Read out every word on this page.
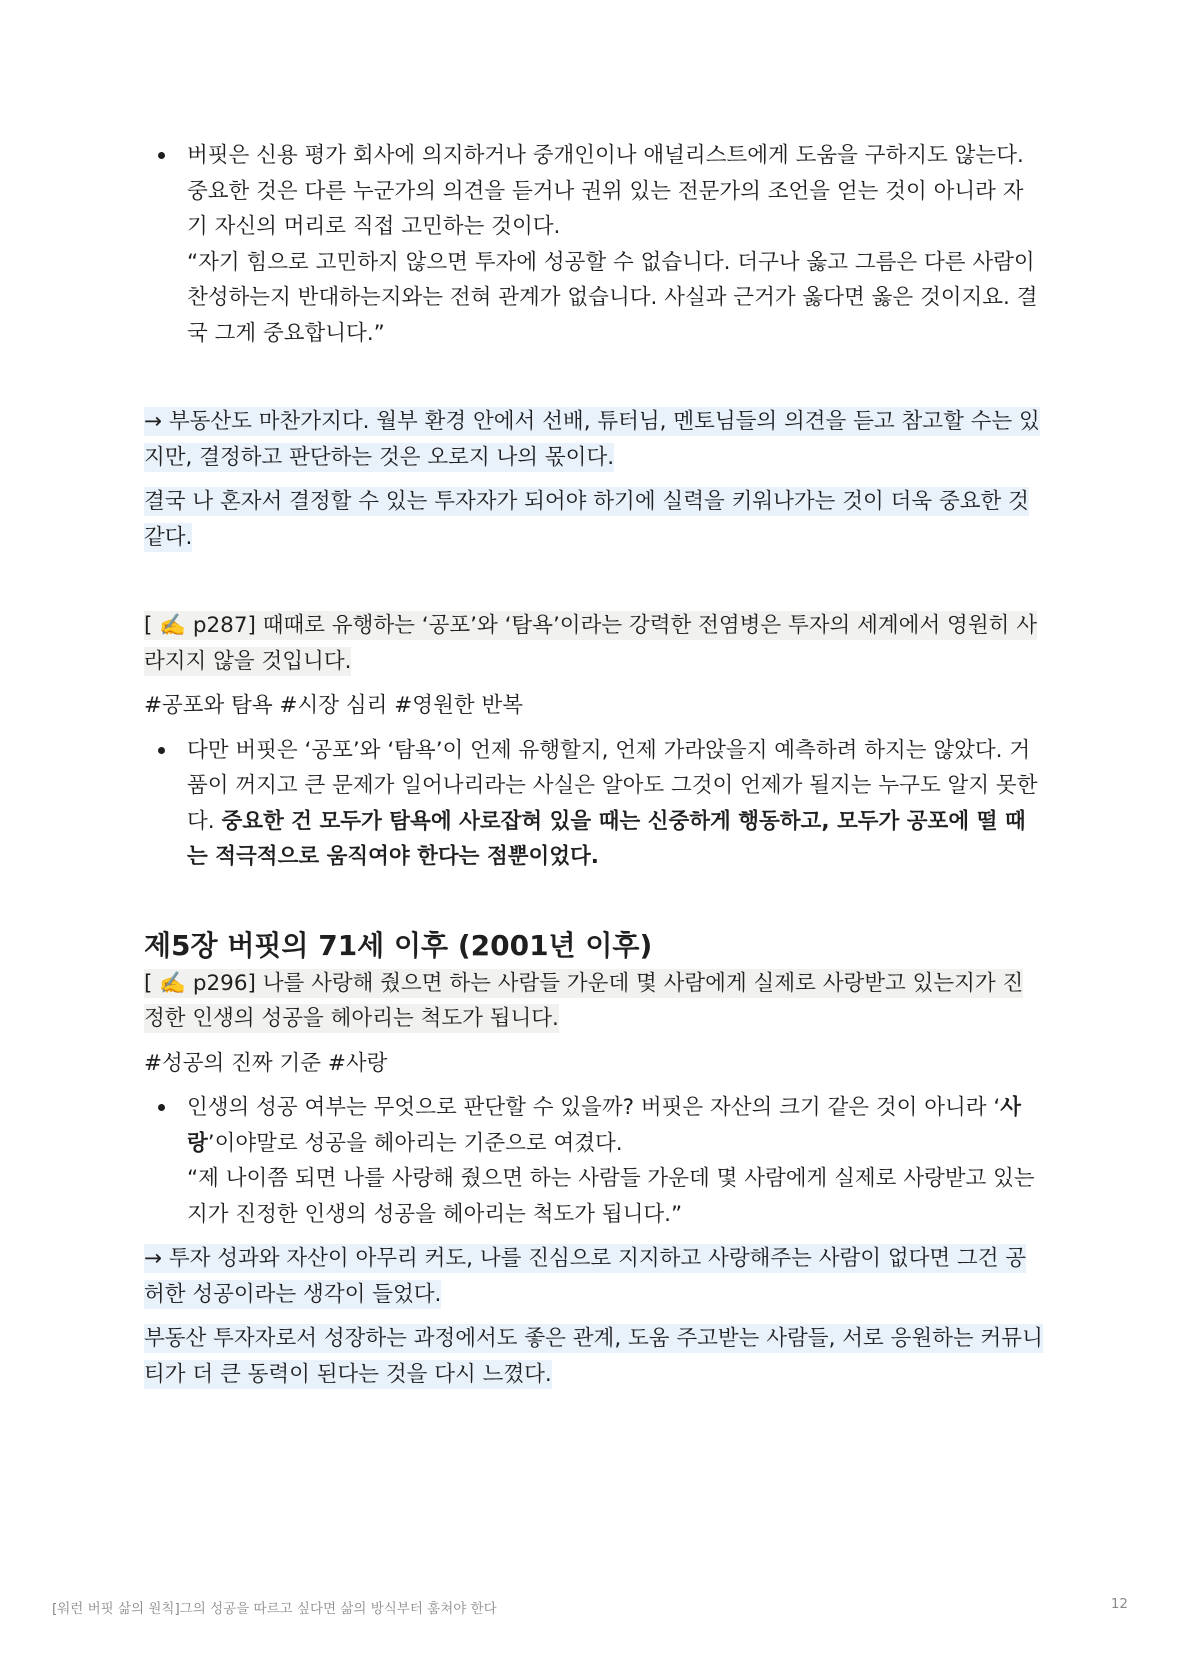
버핏은 신용 평가 회사에 의지하거나 중개인이나 애널리스트에게 도움을 구하지도 않는다. 중요한 것은 다른 누군가의 의견을 듣거나 권위 있는 전문가의 조언을 얻는 것이 아니라 자기 자신의 머리로 직접 고민하는 것이다.

“자기 힘으로 고민하지 않으면 투자에 성공할 수 없습니다. 더구나 옳고 그름은 다른 사람이 찬성하는지 반대하는지와는 전혀 관계가 없습니다. 사실과 근거가 옳다면 옳은 것이지요. 결국 그게 중요합니다.”

→ 부동산도 마찬가지다. 월부 환경 안에서 선배, 튜터님, 멘토님들의 의견을 듣고 참고할 수는 있지만, 결정하고 판단하는 것은 오로지 나의 몫이다.

결국 나 혼자서 결정할 수 있는 투자자가 되어야 하기에 실력을 키워나가는 것이 더욱 중요한 것 같다.

[ ✍️ p287] 때때로 유행하는 ‘공포’와 ‘탐욕’이라는 강력한 전염병은 투자의 세계에서 영원히 사라지지 않을 것입니다.

#공포와 탐욕 #시장 심리 #영원한 반복

다만 버핏은 ‘공포’와 ‘탐욕’이 언제 유행할지, 언제 가라앉을지 예측하려 하지는 않았다. 거품이 꺼지고 큰 문제가 일어나리라는 사실은 알아도 그것이 언제가 될지는 누구도 알지 못한다. 중요한 건 모두가 탐욕에 사로잡혀 있을 때는 신중하게 행동하고, 모두가 공포에 떨 때는 적극적으로 움직여야 한다는 점뿐이었다.

제5장 버핏의 71세 이후 (2001년 이후)

[ ✍️ p296] 나를 사랑해 줬으면 하는 사람들 가운데 몇 사람에게 실제로 사랑받고 있는지가 진정한 인생의 성공을 헤아리는 척도가 됩니다.

#성공의 진짜 기준 #사랑

인생의 성공 여부는 무엇으로 판단할 수 있을까? 버핏은 자산의 크기 같은 것이 아니라 ‘사랑’이야말로 성공을 헤아리는 기준으로 여겼다.

“제 나이쯤 되면 나를 사랑해 줬으면 하는 사람들 가운데 몇 사람에게 실제로 사랑받고 있는지가 진정한 인생의 성공을 헤아리는 척도가 됩니다.”

→ 투자 성과와 자산이 아무리 커도, 나를 진심으로 지지하고 사랑해주는 사람이 없다면 그건 공허한 성공이라는 생각이 들었다.

부동산 투자자로서 성장하는 과정에서도 좋은 관계, 도움 주고받는 사람들, 서로 응원하는 커뮤니티가 더 큰 동력이 된다는 것을 다시 느꼈다.

[워런 버핏 삶의 원칙]그의 성공을 따르고 싶다면 삶의 방식부터 훔쳐야 한다	12
